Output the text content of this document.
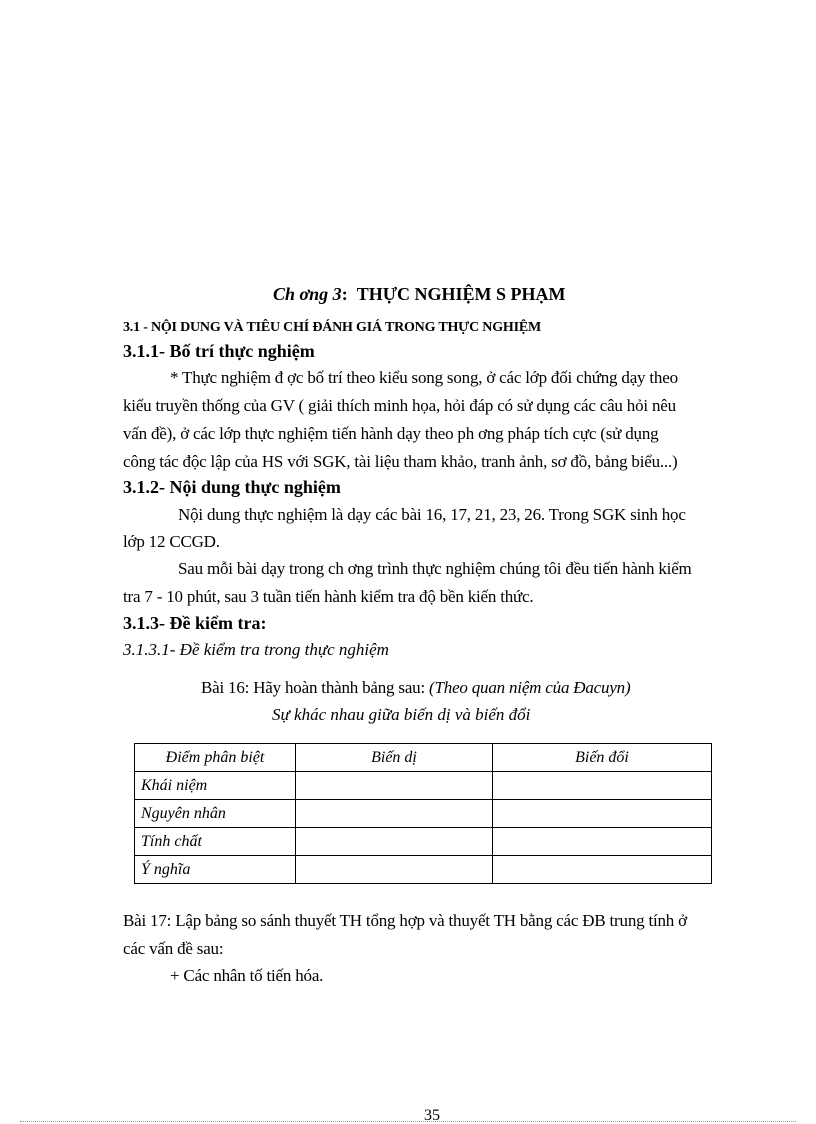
Ch ơng 3: THỰC NGHIỆM S PHẠM
3.1 - NỘI DUNG VÀ TIÊU CHÍ ĐÁNH GIÁ TRONG THỰC NGHIỆM
3.1.1- Bố trí thực nghiệm
* Thực nghiệm đ ợc bố trí theo kiểu song song, ở các lớp đối chứng dạy theo
kiểu truyền thống của GV ( giải thích minh họa, hỏi đáp có sử dụng các câu hỏi nêu
vấn đề), ở các lớp thực nghiệm tiến hành dạy theo ph ơng pháp tích cực (sử dụng
công tác độc lập của HS với SGK, tài liệu tham khảo, tranh ảnh, sơ đồ, bảng biểu...)
3.1.2- Nội dung thực nghiệm
Nội dung thực nghiệm là dạy các bài 16, 17, 21, 23, 26. Trong SGK sinh học
lớp 12 CCGD.
Sau mỗi bài dạy trong ch ơng trình thực nghiệm chúng tôi đều tiến hành kiểm
tra 7 - 10 phút, sau 3 tuần tiến hành kiểm tra độ bền kiến thức.
3.1.3- Đề kiểm tra:
3.1.3.1- Đề kiểm tra trong thực nghiệm
Bài 16: Hãy hoàn thành bảng sau: (Theo quan niệm của Đacuyn)
Sự khác nhau giữa biến dị và biến đổi
Điểm phân biệt	Biến dị	Biến đổi
Khái niệm		
Nguyên nhân		
Tính chất		
Ý nghĩa		
Bài 17: Lập bảng so sánh thuyết TH tổng hợp và thuyết TH bằng các ĐB trung tính ở
các vấn đề sau:
+ Các nhân tố tiến hóa.
35
